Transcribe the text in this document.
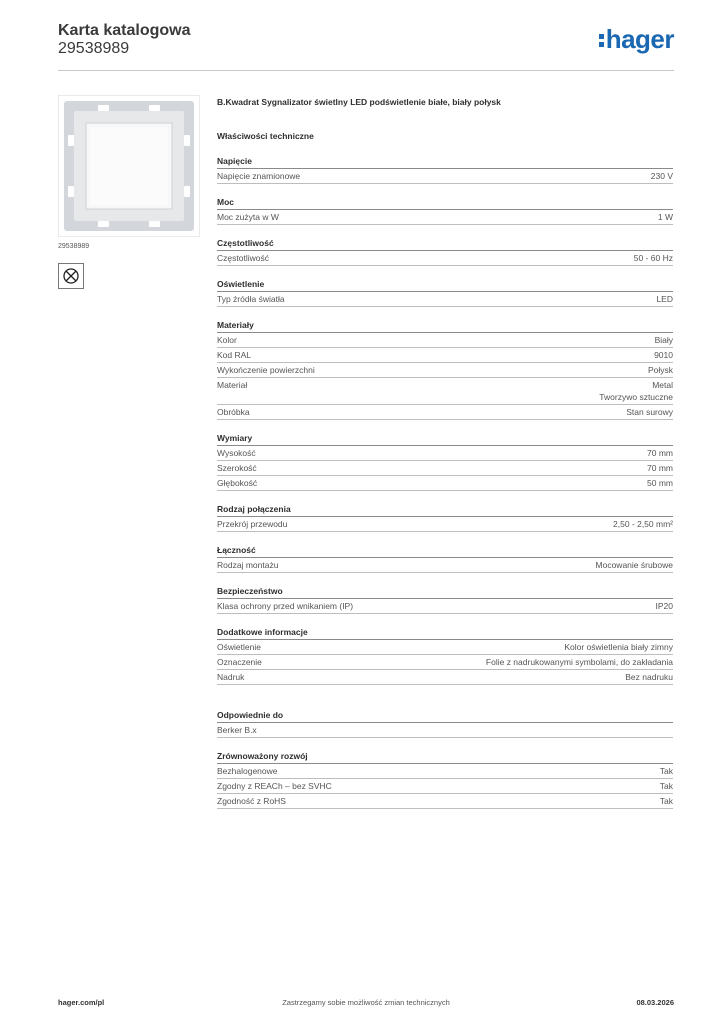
Karta katalogowa
29538989	hager
29538989
B.Kwadrat Sygnalizator świetlny LED podświetlenie białe, biały połysk
Właściwości techniczne
Napięcie
Napięcie znamionowe	230 V
Moc
Moc zużyta w W	1 W
Częstotliwość
Częstotliwość	50 - 60 Hz
Oświetlenie
Typ źródła światła	LED
Materiały
Kolor	Biały
Kod RAL	9010
Wykończenie powierzchni	Połysk
Materiał	Metal
Tworzywo sztuczne
Obróbka	Stan surowy
Wymiary
Wysokość	70 mm
Szerokość	70 mm
Głębokość	50 mm
Rodzaj połączenia
Przekrój przewodu	2,50 - 2,50 mm²
Łączność
Rodzaj montażu	Mocowanie śrubowe
Bezpieczeństwo
Klasa ochrony przed wnikaniem (IP)	IP20
Dodatkowe informacje
Oświetlenie	Kolor oświetlenia biały zimny
Oznaczenie	Folie z nadrukowanymi symbolami, do zakładania
Nadruk	Bez nadruku
Odpowiednie do
Berker B.x
Zrównoważony rozwój
Bezhalogenowe	Tak
Zgodny z REACh – bez SVHC	Tak
Zgodność z RoHS	Tak
hager.com/pl	Zastrzegamy sobie możliwość zmian technicznych	08.03.2026
